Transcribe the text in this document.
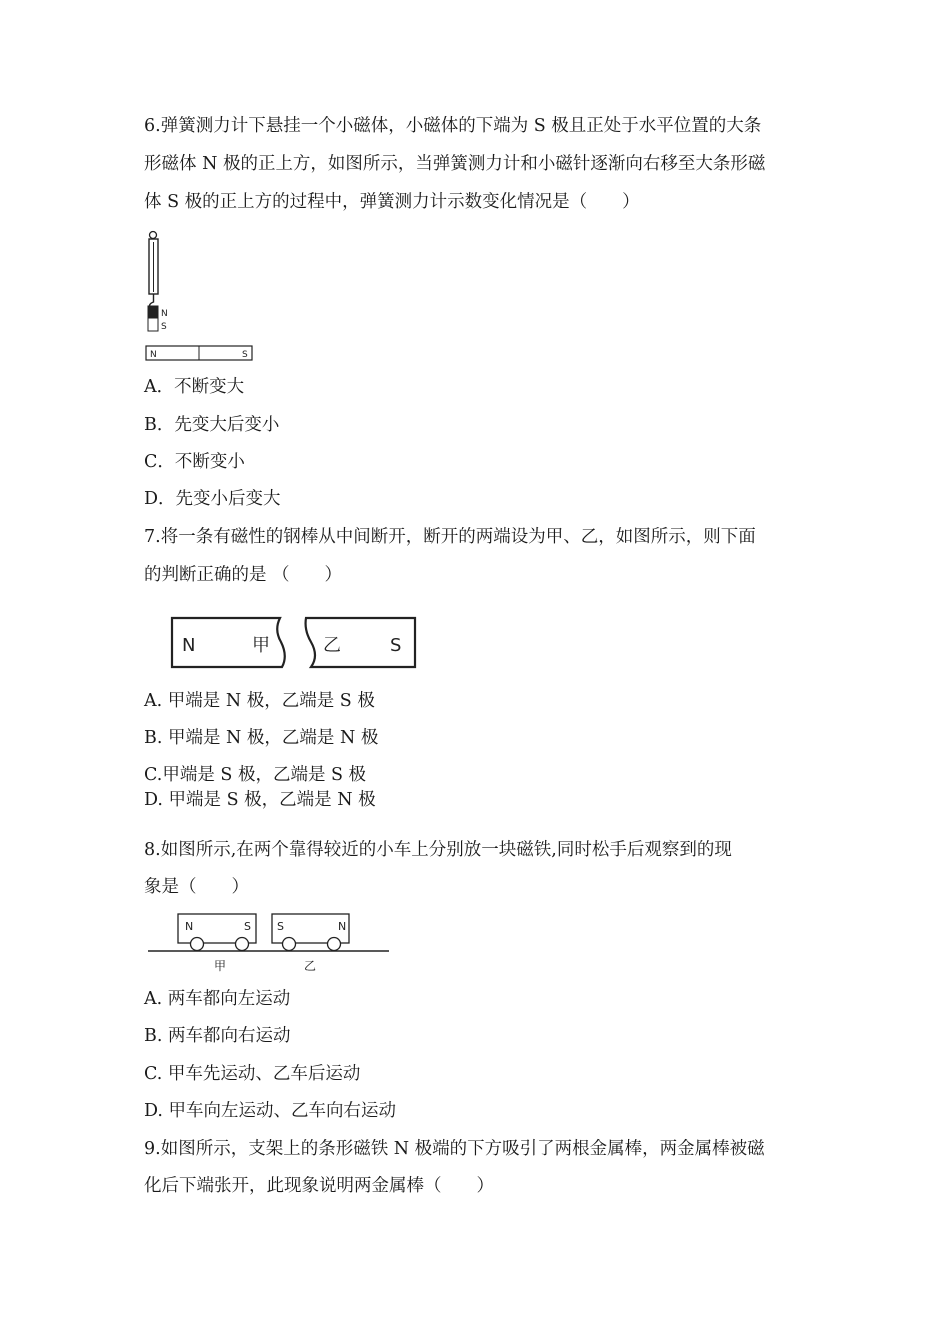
6.弹簧测力计下悬挂一个小磁体，小磁体的下端为 S 极且正处于水平位置的大条
形磁体 N 极的正上方，如图所示，当弹簧测力计和小磁针逐渐向右移至大条形磁
体 S 极的正上方的过程中，弹簧测力计示数变化情况是（　　）
N
S
N	S
A．不断变大
B．先变大后变小
C．不断变小
D．先变小后变大
7.将一条有磁性的钢棒从中间断开，断开的两端设为甲、乙，如图所示，则下面
的判断正确的是 （　　）
N	甲	乙	S
A. 甲端是 N 极，乙端是 S 极
B. 甲端是 N 极，乙端是 N 极
C.甲端是 S 极，乙端是 S 极
D. 甲端是 S 极，乙端是 N 极
8.如图所示,在两个靠得较近的小车上分别放一块磁铁,同时松手后观察到的现
象是（　　）
N	S S	N
甲	乙
A. 两车都向左运动
B. 两车都向右运动
C. 甲车先运动、乙车后运动
D. 甲车向左运动、乙车向右运动
9.如图所示，支架上的条形磁铁 N 极端的下方吸引了两根金属棒，两金属棒被磁
化后下端张开，此现象说明两金属棒（　　）
